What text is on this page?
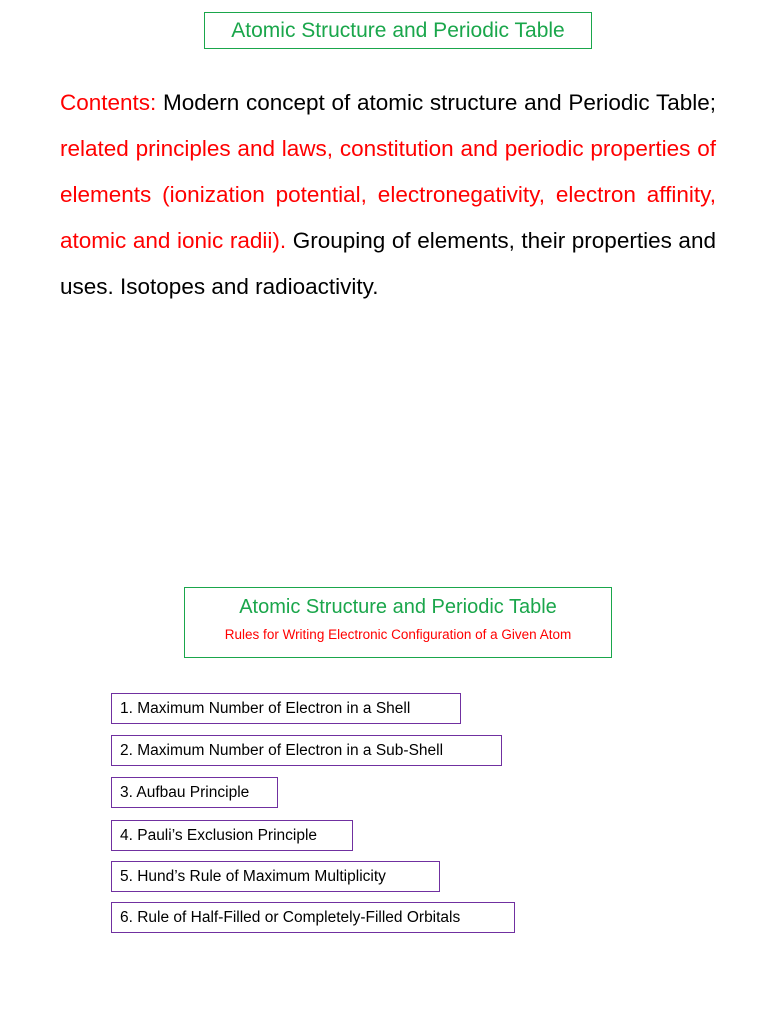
Atomic Structure and Periodic Table

Contents: Modern concept of atomic structure and Periodic Table; related principles and laws, constitution and periodic properties of elements (ionization potential, electronegativity, electron affinity, atomic and ionic radii). Grouping of elements, their properties and uses. Isotopes and radioactivity.

Atomic Structure and Periodic Table
Rules for Writing Electronic Configuration of a Given Atom
1. Maximum Number of Electron in a Shell
2. Maximum Number of Electron in a Sub-Shell
3. Aufbau Principle
4. Pauli’s Exclusion Principle
5. Hund’s Rule of Maximum Multiplicity
6. Rule of Half-Filled or Completely-Filled Orbitals
